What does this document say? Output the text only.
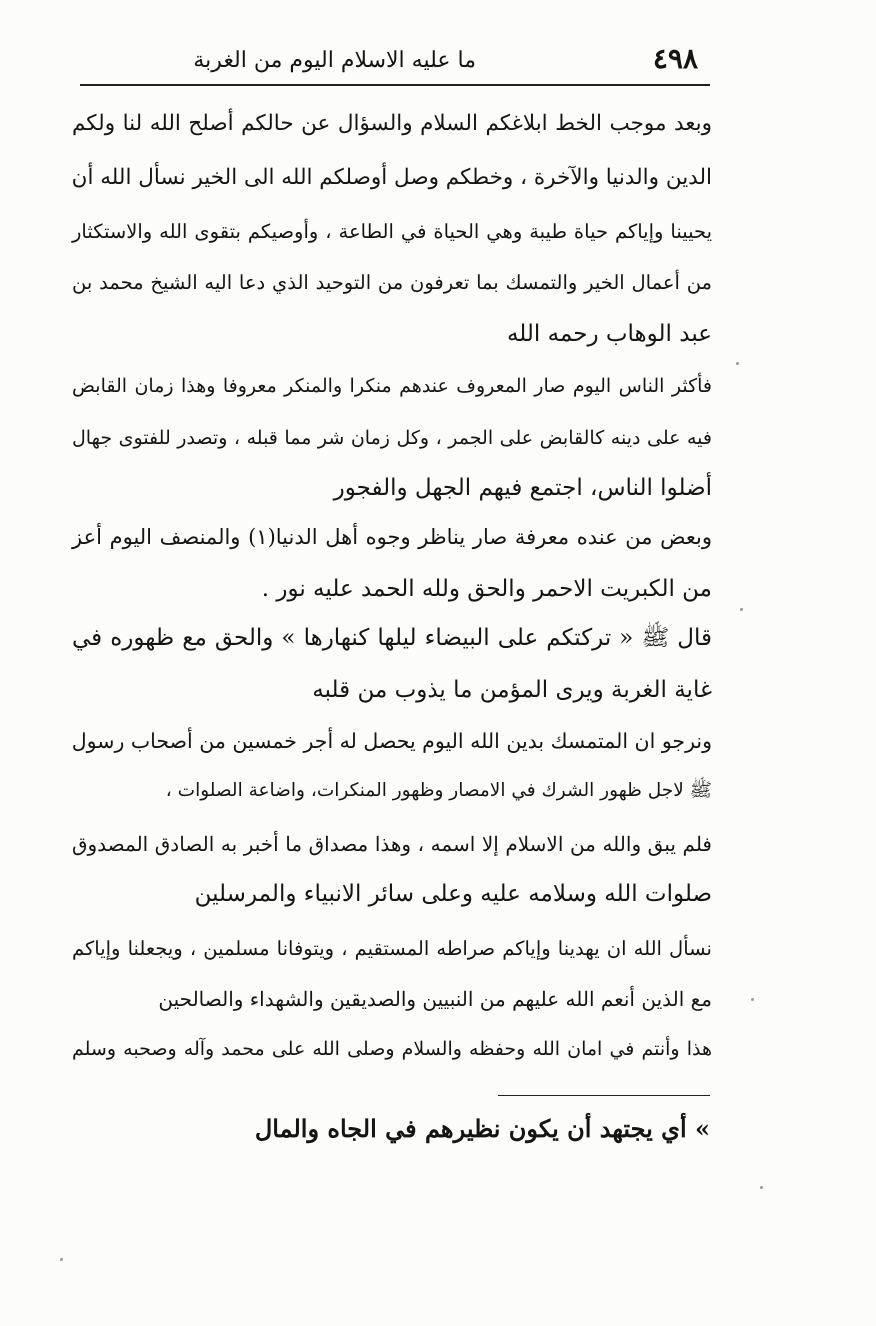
٤٩٨
ما عليه الاسلام اليوم من الغربة
وبعد موجب الخط ابلاغكم السلام والسؤال عن حالكم أصلح الله لنا ولكم
الدين والدنيا والآخرة ، وخطكم وصل أوصلكم الله الى الخير نسأل الله أن
يحيينا وإياكم حياة طيبة وهي الحياة في الطاعة ، وأوصيكم بتقوى الله والاستكثار
من أعمال الخير والتمسك بما تعرفون من التوحيد الذي دعا اليه الشيخ محمد بن
عبد الوهاب رحمه الله
فأكثر الناس اليوم صار المعروف عندهم منكرا والمنكر معروفا وهذا زمان القابض
فيه على دينه كالقابض على الجمر ، وكل زمان شر مما قبله ، وتصدر للفتوى جهال
أضلوا الناس، اجتمع فيهم الجهل والفجور
وبعض من عنده معرفة صار يناظر وجوه أهل الدنيا(١) والمنصف اليوم أعز
من الكبريت الاحمر والحق ولله الحمد عليه نور .
قال ﷺ « تركتكم على البيضاء ليلها كنهارها » والحق مع ظهوره في
غاية الغربة ويرى المؤمن ما يذوب من قلبه
ونرجو ان المتمسك بدين الله اليوم يحصل له أجر خمسين من أصحاب رسول
ﷺ لاجل ظهور الشرك في الامصار وظهور المنكرات، واضاعة الصلوات ،
فلم يبق والله من الاسلام إلا اسمه ، وهذا مصداق ما أخبر به الصادق المصدوق
صلوات الله وسلامه عليه وعلى سائر الانبياء والمرسلين
نسأل الله ان يهدينا وإياكم صراطه المستقيم ، ويتوفانا مسلمين ، ويجعلنا وإياكم
مع الذين أنعم الله عليهم من النبيين والصديقين والشهداء والصالحين
هذا وأنتم في امان الله وحفظه والسلام وصلى الله على محمد وآله وصحبه وسلم
» أي يجتهد أن يكون نظيرهم في الجاه والمال
